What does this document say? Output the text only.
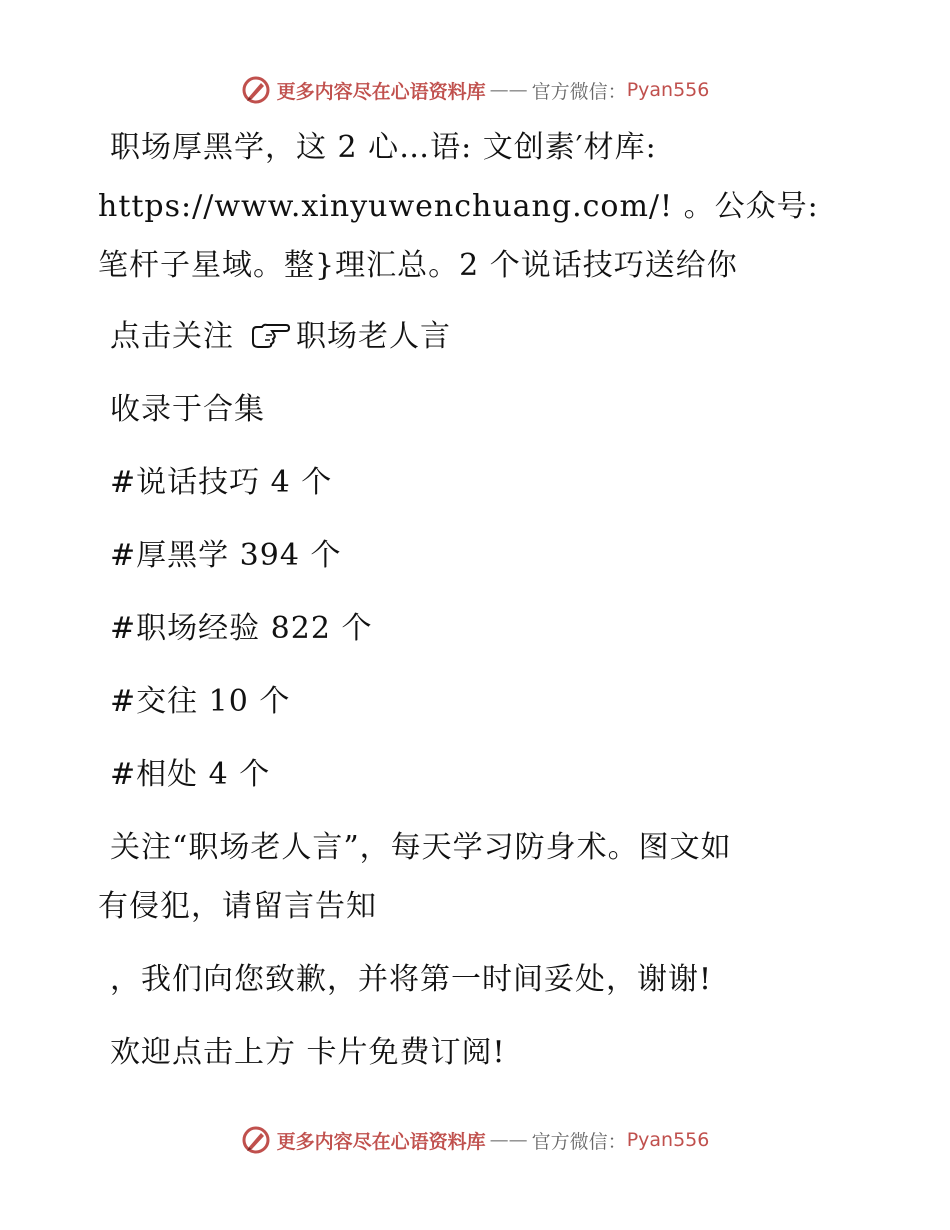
更多内容尽在心语资料库 —— 官方微信： Pyan556

职场厚黑学，这 2 心…语: 文创素′材库:

https://www.xinyuwenchuang.com/! 。公众号:

笔杆子星域。整}理汇总。2 个说话技巧送给你

点击关注 职场老人言

收录于合集

#说话技巧 4 个

#厚黑学 394 个

#职场经验 822 个

#交往 10 个

#相处 4 个

关注“职场老人言”，每天学习防身术。图文如

有侵犯，请留言告知

，我们向您致歉，并将第一时间妥处，谢谢!

欢迎点击上方 卡片免费订阅!

更多内容尽在心语资料库 —— 官方微信： Pyan556
